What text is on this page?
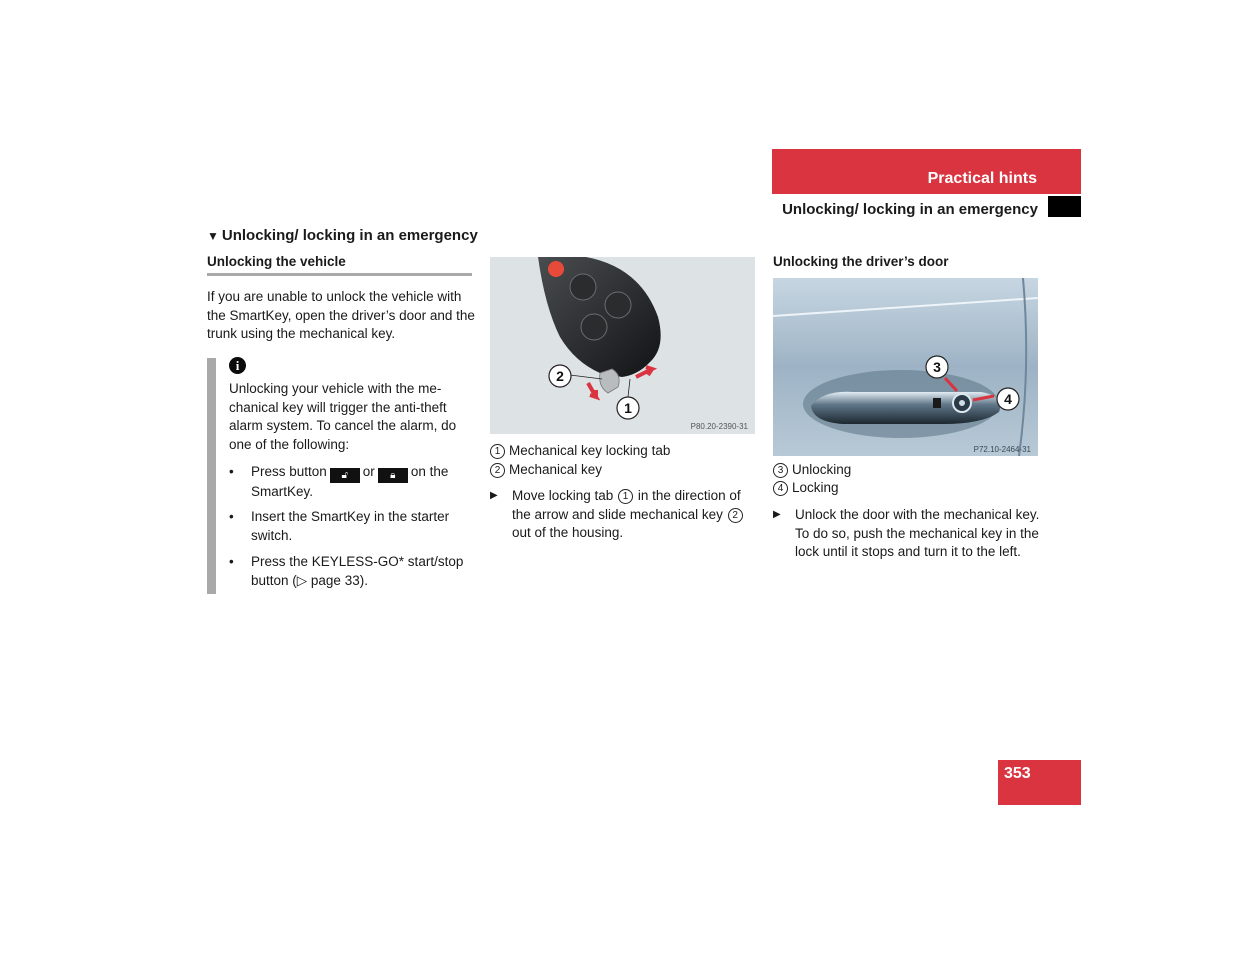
Practical hints
Unlocking/ locking in an emergency
▼ Unlocking/ locking in an emergency
Unlocking the vehicle
If you are unable to unlock the vehicle with the SmartKey, open the driver’s door and the trunk using the mechanical key.
i
Unlocking your vehicle with the me-chanical key will trigger the anti-theft alarm system. To cancel the alarm, do one of the following:
• Press button 🔓︎ or 🔒︎ on the SmartKey.
• Insert the SmartKey in the starter switch.
• Press the KEYLESS-GO* start/stop button (▷ page 33).
2
1
P80.20-2390-31
1 Mechanical key locking tab
2 Mechanical key
▶ Move locking tab 1 in the direction of the arrow and slide mechanical key 2 out of the housing.
Unlocking the driver’s door
3
4
P72.10-2464-31
3 Unlocking
4 Locking
▶ Unlock the door with the mechanical key. To do so, push the mechanical key in the lock until it stops and turn it to the left.
353
